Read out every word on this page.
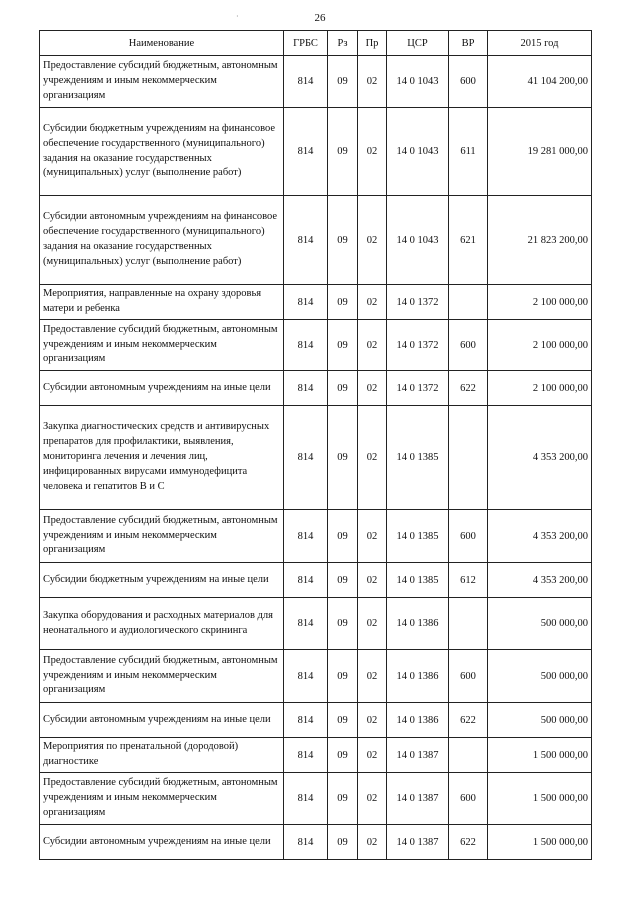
26
·
Наименование	ГРБС	Рз	Пр	ЦСР	ВР	2015 год
Предоставление субсидий бюджетным, автономным учреждениям и иным некоммерческим организациям	814	09	02	14 0 1043	600	41 104 200,00
Субсидии бюджетным учреждениям на финансовое обеспечение государственного (муниципального) задания на оказание государственных (муниципальных) услуг (выполнение работ)	814	09	02	14 0 1043	611	19 281 000,00
Субсидии автономным учреждениям на финансовое обеспечение государственного (муниципального) задания на оказание государственных (муниципальных) услуг (выполнение работ)	814	09	02	14 0 1043	621	21 823 200,00
Мероприятия, направленные на охрану здоровья матери и ребенка	814	09	02	14 0 1372		2 100 000,00
Предоставление субсидий бюджетным, автономным учреждениям и иным некоммерческим организациям	814	09	02	14 0 1372	600	2 100 000,00
Субсидии автономным учреждениям на иные цели	814	09	02	14 0 1372	622	2 100 000,00
Закупка диагностических средств и антивирусных препаратов для профилактики, выявления, мониторинга лечения и лечения лиц, инфицированных вирусами иммунодефицита человека и гепатитов В и С	814	09	02	14 0 1385		4 353 200,00
Предоставление субсидий бюджетным, автономным учреждениям и иным некоммерческим организациям	814	09	02	14 0 1385	600	4 353 200,00
Субсидии бюджетным учреждениям на иные цели	814	09	02	14 0 1385	612	4 353 200,00
Закупка оборудования и расходных материалов для неонатального и аудиологического скрининга	814	09	02	14 0 1386		500 000,00
Предоставление субсидий бюджетным, автономным учреждениям и иным некоммерческим организациям	814	09	02	14 0 1386	600	500 000,00
Субсидии автономным учреждениям на иные цели	814	09	02	14 0 1386	622	500 000,00
Мероприятия по пренатальной (дородовой) диагностике	814	09	02	14 0 1387		1 500 000,00
Предоставление субсидий бюджетным, автономным учреждениям и иным некоммерческим организациям	814	09	02	14 0 1387	600	1 500 000,00
Субсидии автономным учреждениям на иные цели	814	09	02	14 0 1387	622	1 500 000,00
